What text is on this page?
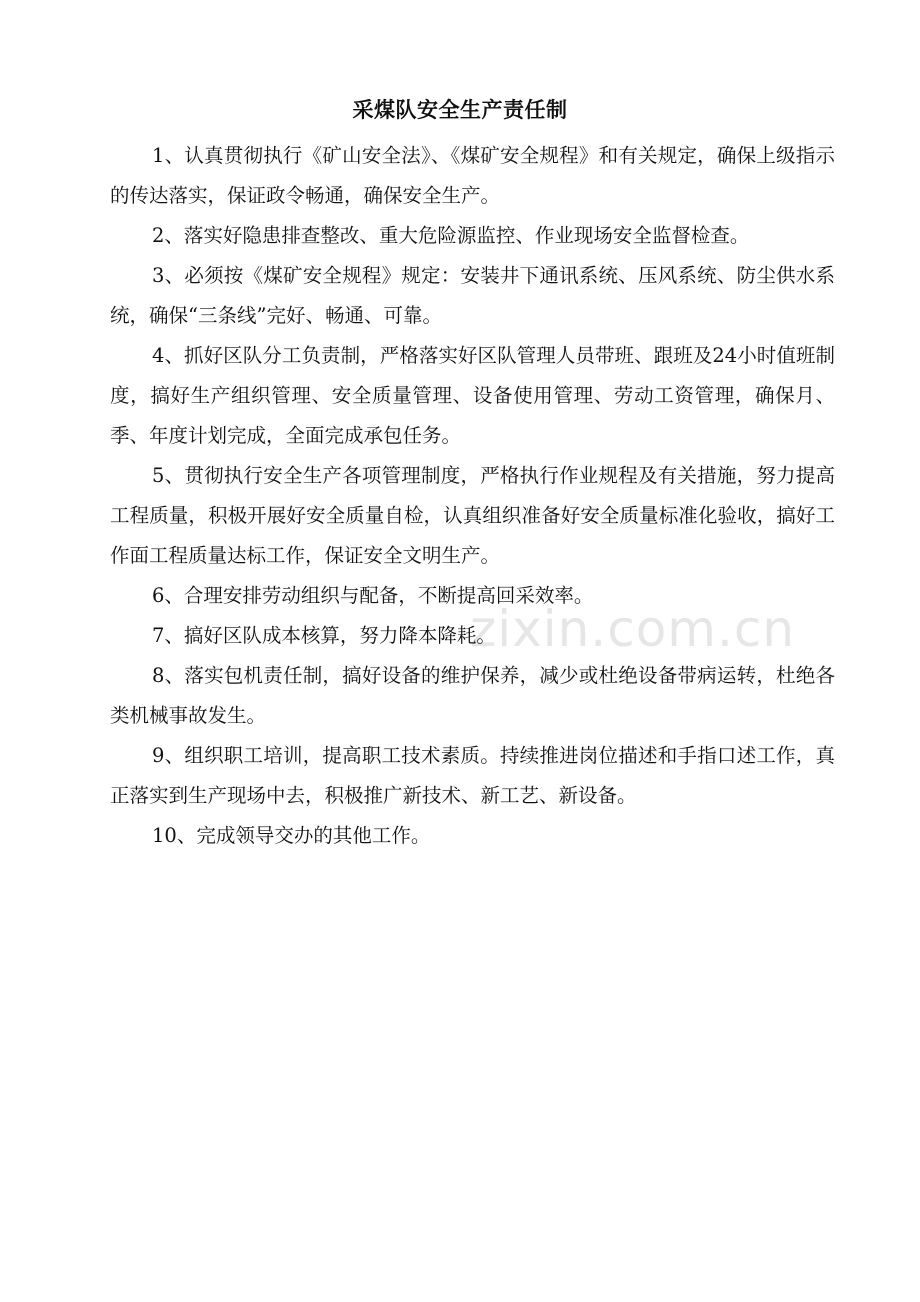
zixin.com.cn
采煤队安全生产责任制

1、认真贯彻执行《矿山安全法》、《煤矿安全规程》和有关规定，确保上级指示的传达落实，保证政令畅通，确保安全生产。

2、落实好隐患排查整改、重大危险源监控、作业现场安全监督检查。

3、必须按《煤矿安全规程》规定：安装井下通讯系统、压风系统、防尘供水系统，确保“三条线”完好、畅通、可靠。

4、抓好区队分工负责制，严格落实好区队管理人员带班、跟班及24小时值班制度，搞好生产组织管理、安全质量管理、设备使用管理、劳动工资管理，确保月、季、年度计划完成，全面完成承包任务。

5、贯彻执行安全生产各项管理制度，严格执行作业规程及有关措施，努力提高工程质量，积极开展好安全质量自检，认真组织准备好安全质量标准化验收，搞好工作面工程质量达标工作，保证安全文明生产。

6、合理安排劳动组织与配备，不断提高回采效率。

7、搞好区队成本核算，努力降本降耗。

8、落实包机责任制，搞好设备的维护保养，减少或杜绝设备带病运转，杜绝各类机械事故发生。

9、组织职工培训，提高职工技术素质。持续推进岗位描述和手指口述工作，真正落实到生产现场中去，积极推广新技术、新工艺、新设备。

10、完成领导交办的其他工作。
